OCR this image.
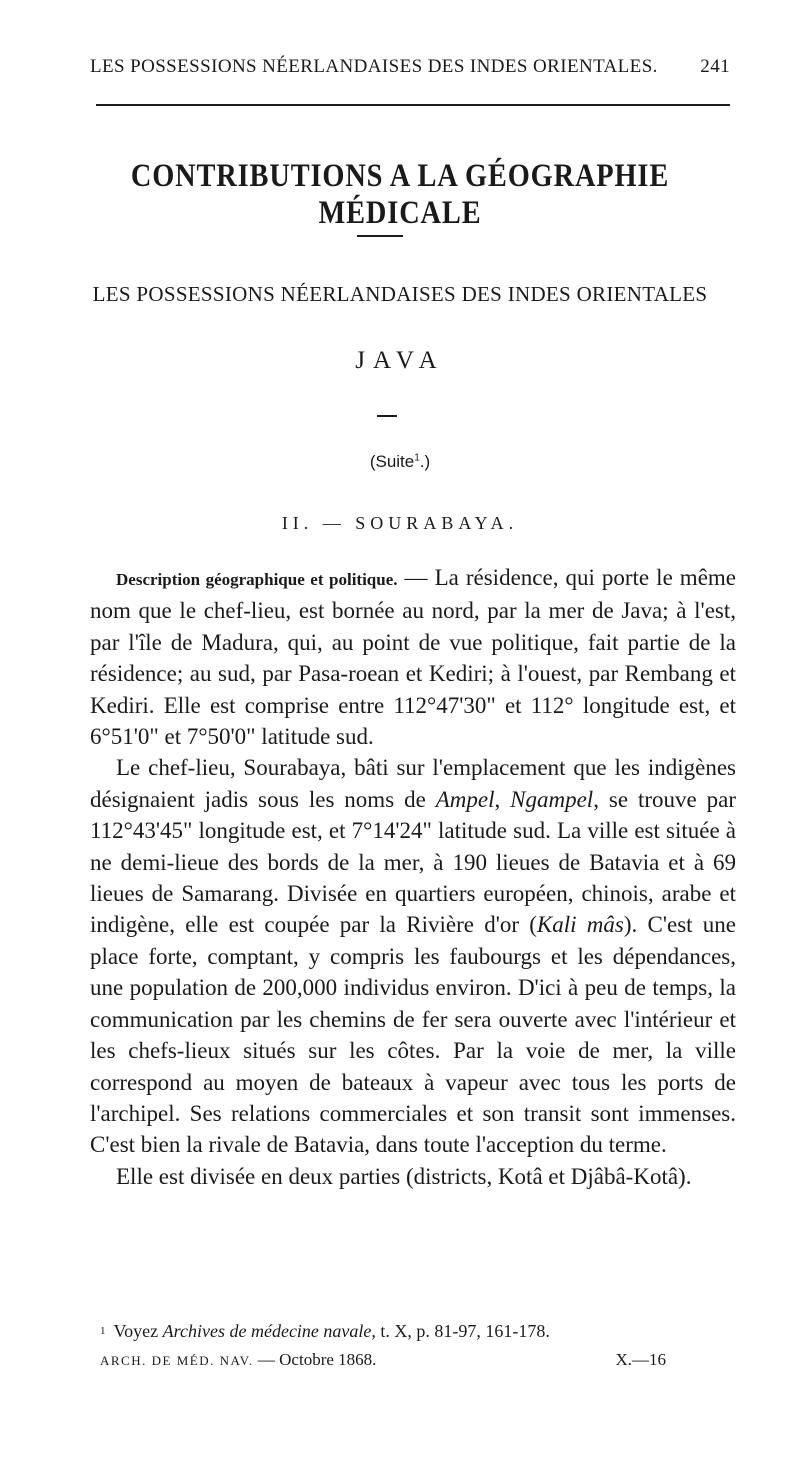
LES POSSESSIONS NÉERLANDAISES DES INDES ORIENTALES. 241
CONTRIBUTIONS A LA GÉOGRAPHIE MÉDICALE
LES POSSESSIONS NÉERLANDAISES DES INDES ORIENTALES
JAVA
(Suite$^1$.)
II. — SOURABAYA.

Description géographique et politique. — La résidence, qui porte le même nom que le chef-lieu, est bornée au nord, par la mer de Java; à l'est, par l'île de Madura, qui, au point de vue politique, fait partie de la résidence; au sud, par Pasa-roean et Kediri; à l'ouest, par Rembang et Kediri. Elle est comprise entre 112°47'30" et 112° longitude est, et 6°51'0" et 7°50'0" latitude sud.

Le chef-lieu, Sourabaya, bâti sur l'emplacement que les indigènes désignaient jadis sous les noms de Ampel, Ngampel, se trouve par 112°43'45" longitude est, et 7°14'24" latitude sud. La ville est située à ne demi-lieue des bords de la mer, à 190 lieues de Batavia et à 69 lieues de Samarang. Divisée en quartiers européen, chinois, arabe et indigène, elle est coupée par la Rivière d'or (Kali mâs). C'est une place forte, comptant, y compris les faubourgs et les dépendances, une population de 200,000 individus environ. D'ici à peu de temps, la communication par les chemins de fer sera ouverte avec l'intérieur et les chefs-lieux situés sur les côtes. Par la voie de mer, la ville correspond au moyen de bateaux à vapeur avec tous les ports de l'archipel. Ses relations commerciales et son transit sont immenses. C'est bien la rivale de Batavia, dans toute l'acception du terme.

Elle est divisée en deux parties (districts, Kotâ et Djâbâ-Kotâ).

$^1$ Voyez Archives de médecine navale, t. X, p. 81-97, 161-178.
ARCH. DE MÉD. NAV. — Octobre 1868.	X.—16
